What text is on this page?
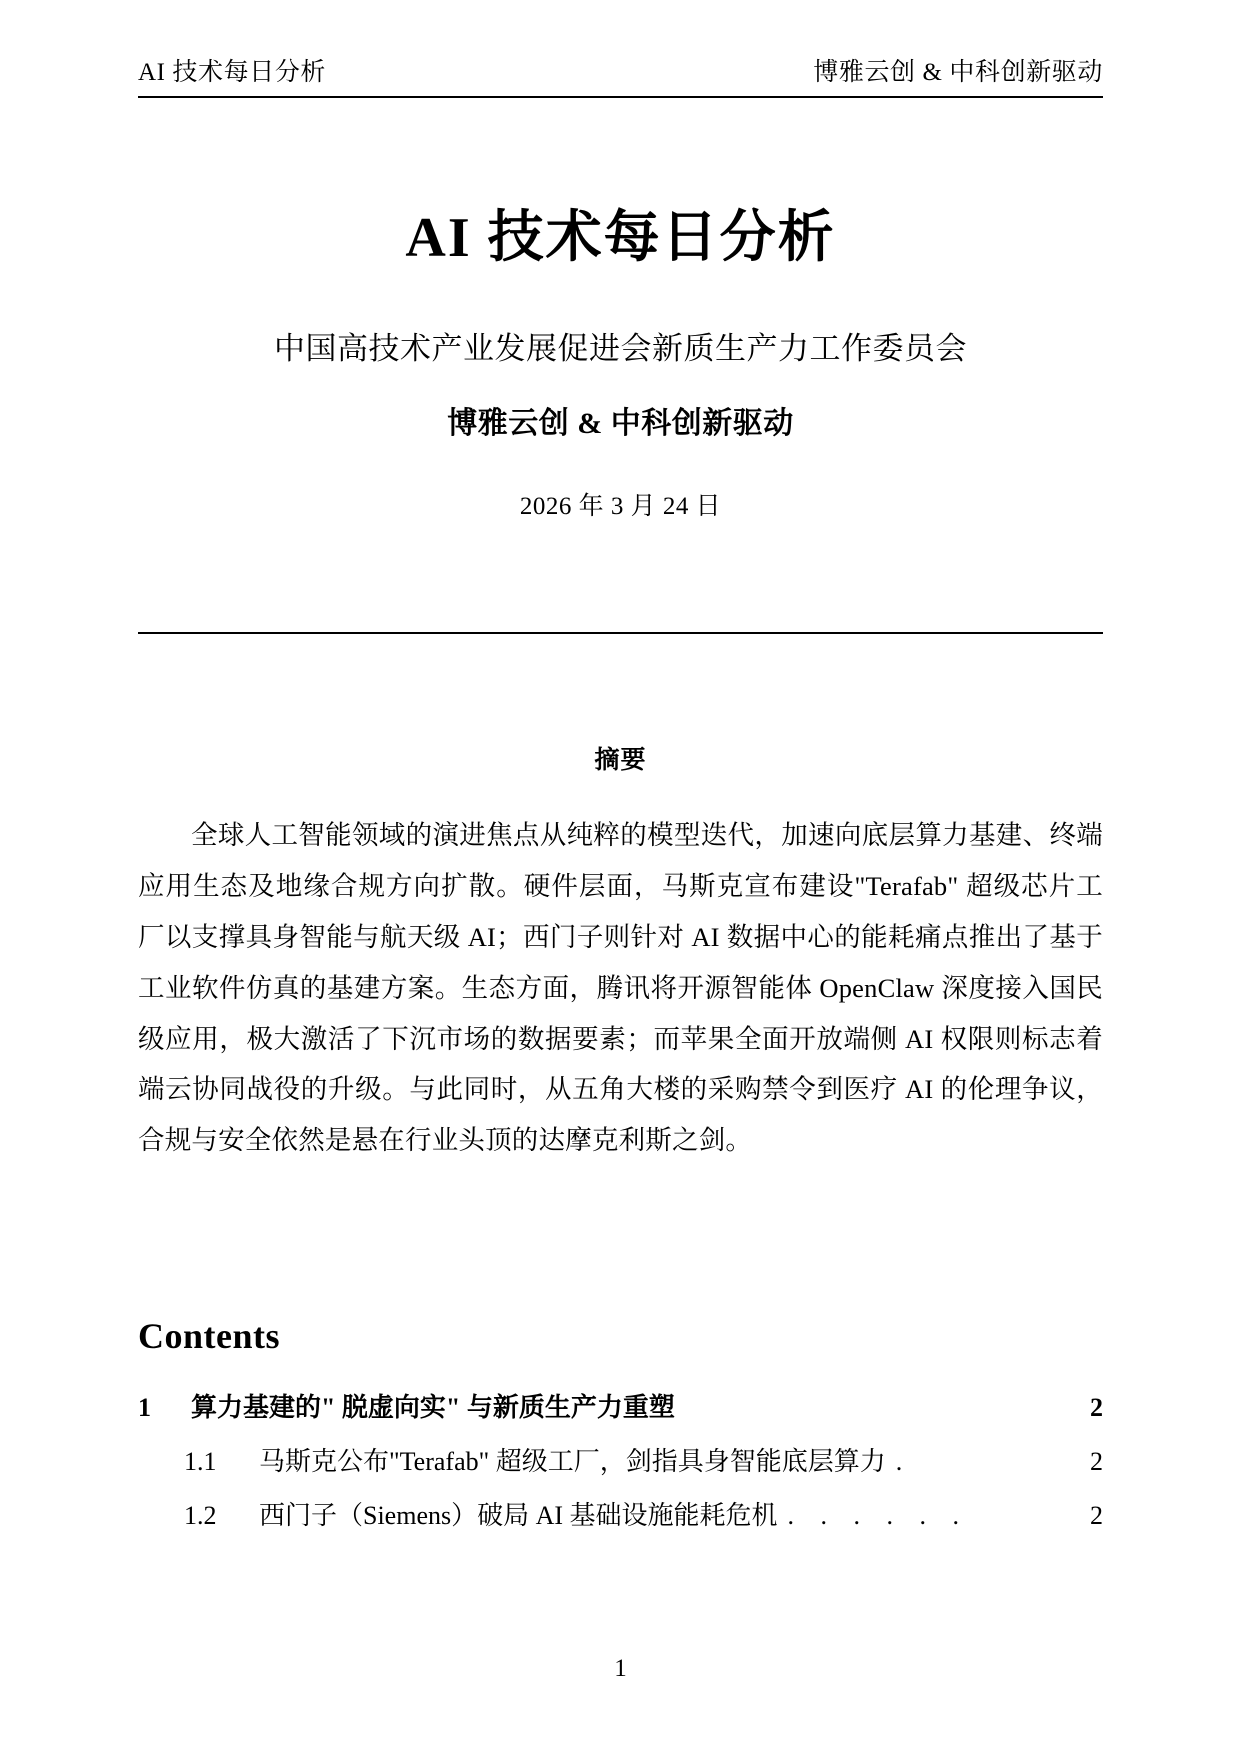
AI 技术每日分析	博雅云创 & 中科创新驱动
AI 技术每日分析

中国高技术产业发展促进会新质生产力工作委员会

博雅云创 & 中科创新驱动

2026 年 3 月 24 日

摘要

全球人工智能领域的演进焦点从纯粹的模型迭代，加速向底层算力基建、终端应用生态及地缘合规方向扩散。硬件层面，马斯克宣布建设"Terafab" 超级芯片工厂以支撑具身智能与航天级 AI；西门子则针对 AI 数据中心的能耗痛点推出了基于工业软件仿真的基建方案。生态方面，腾讯将开源智能体 OpenClaw 深度接入国民级应用，极大激活了下沉市场的数据要素；而苹果全面开放端侧 AI 权限则标志着端云协同战役的升级。与此同时，从五角大楼的采购禁令到医疗 AI 的伦理争议，合规与安全依然是悬在行业头顶的达摩克利斯之剑。

Contents
1	算力基建的" 脱虚向实" 与新质生产力重塑	2
1.1	马斯克公布"Terafab" 超级工厂，剑指具身智能底层算力 .	2
1.2	西门子（Siemens）破局 AI 基础设施能耗危机 . . . . . .	2
1
